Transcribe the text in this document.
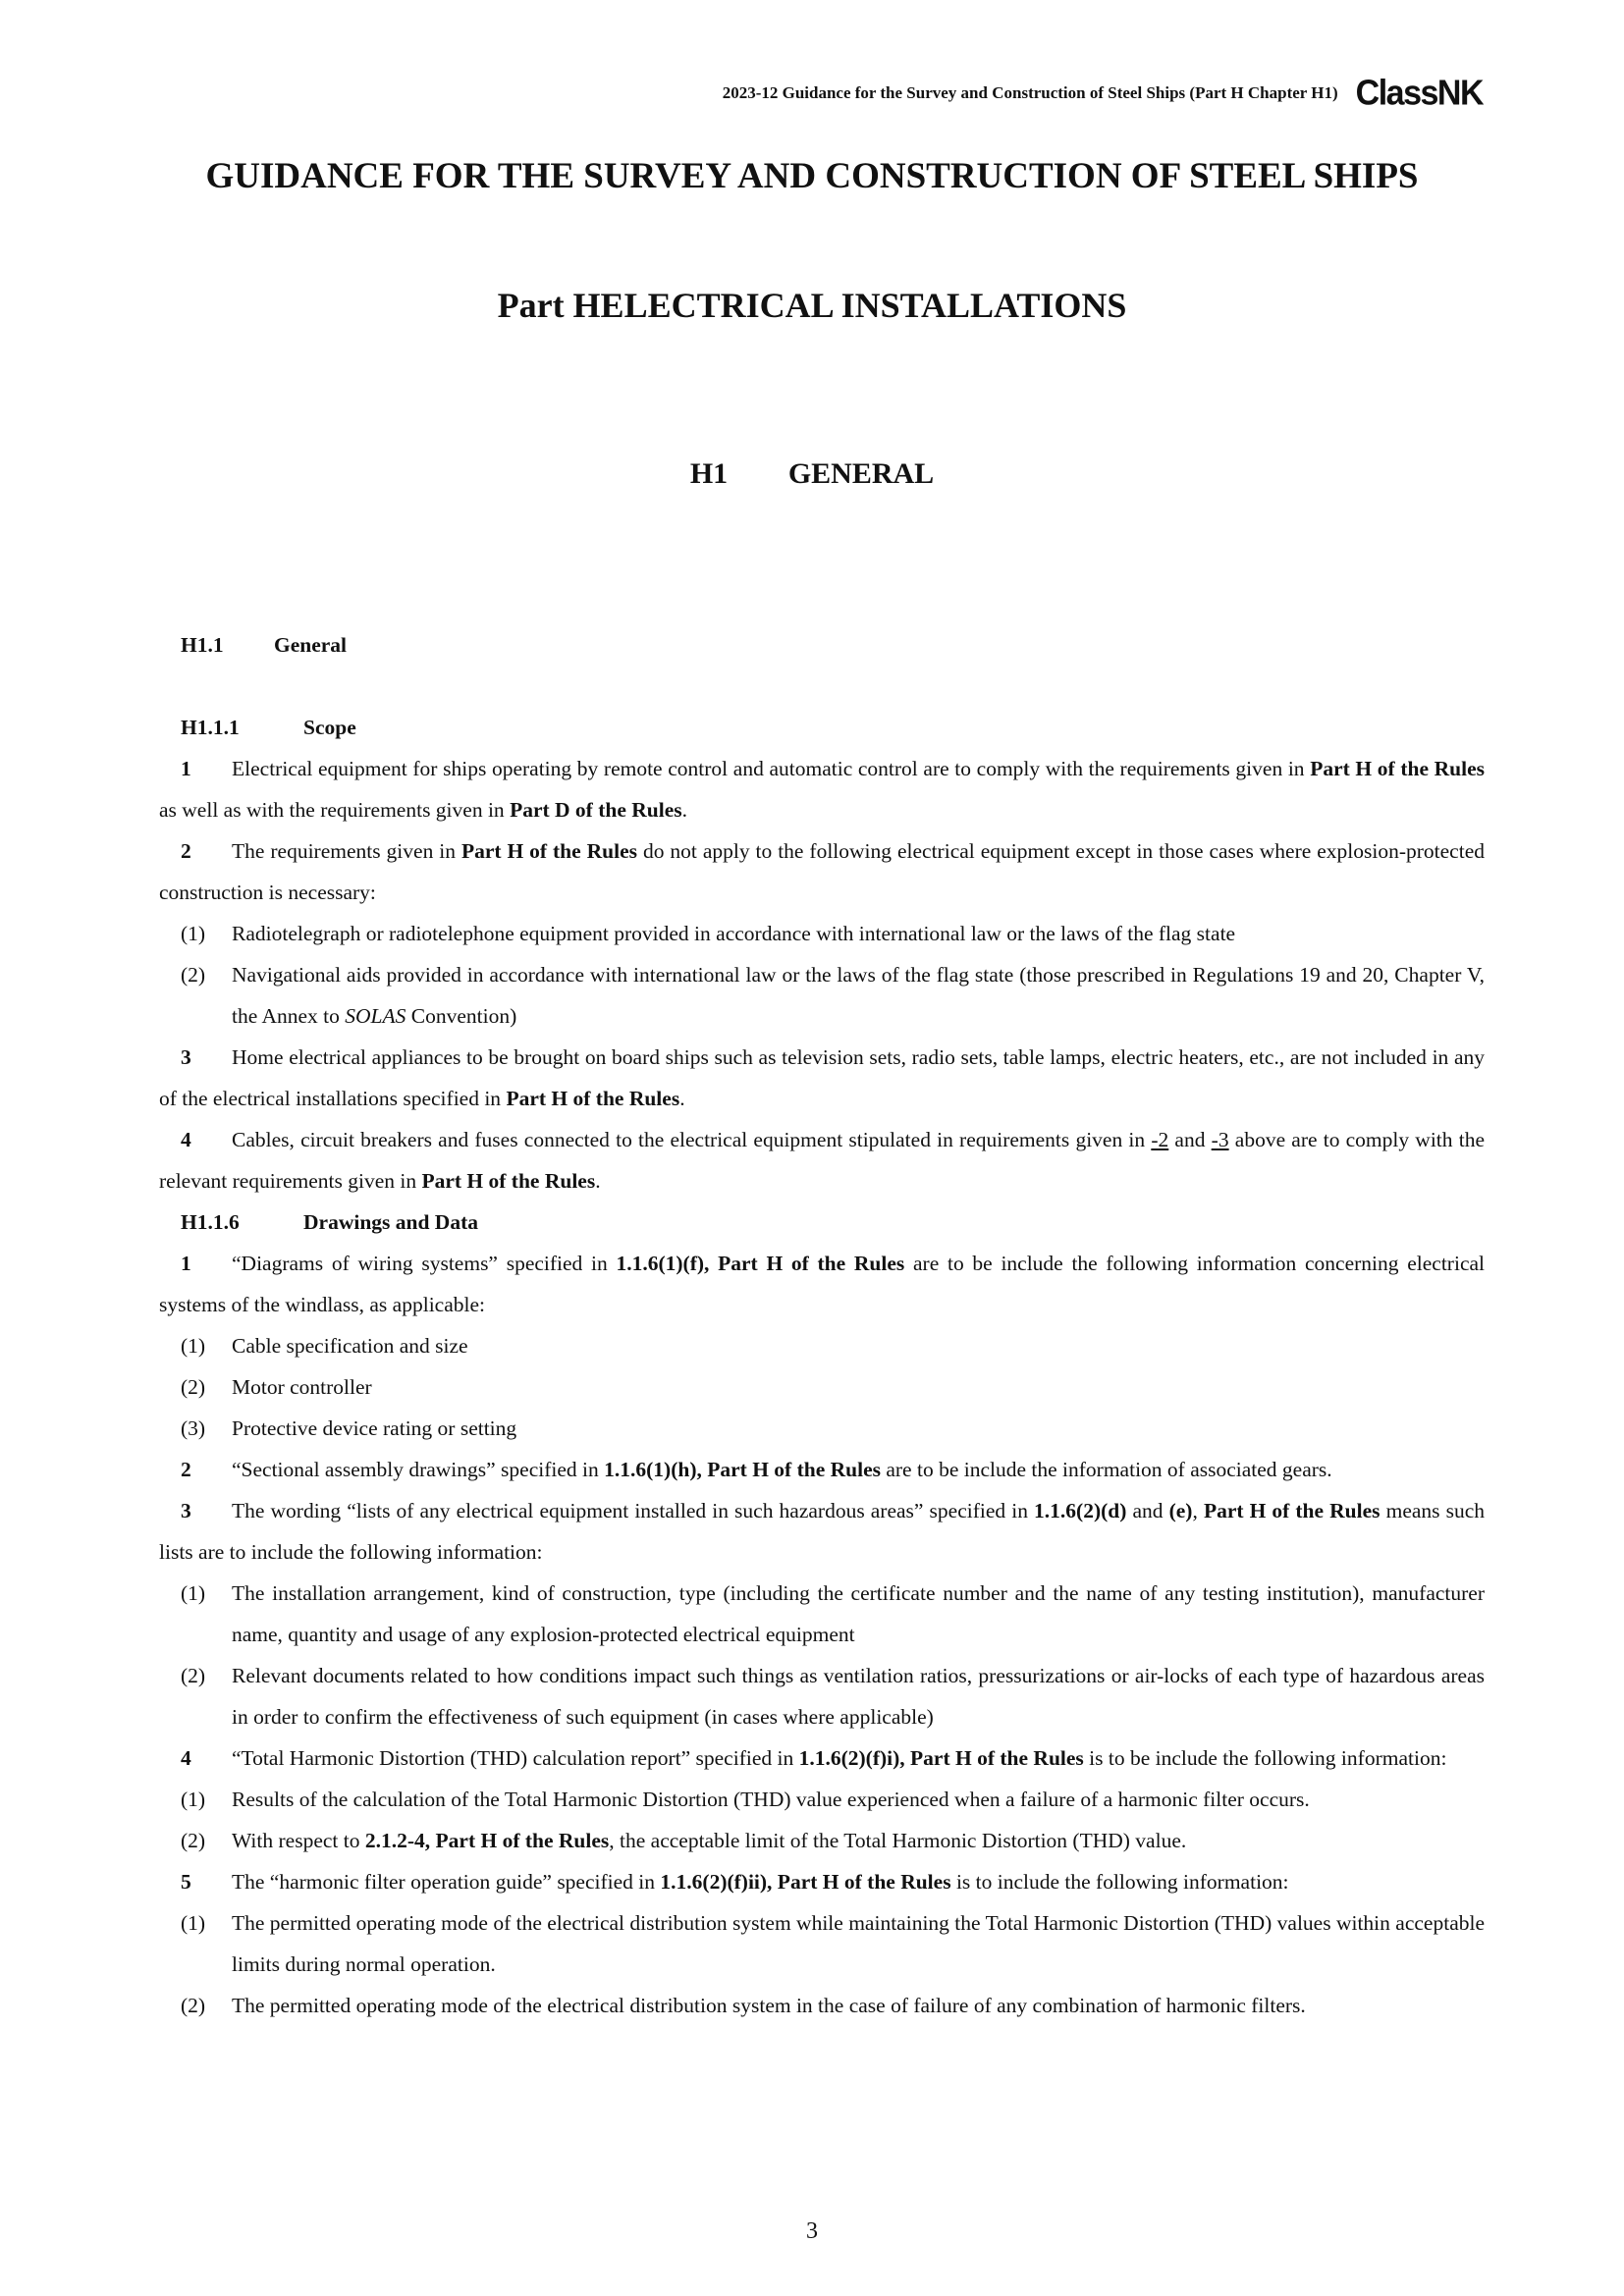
2023-12 Guidance for the Survey and Construction of Steel Ships (Part H Chapter H1) ClassNK
GUIDANCE FOR THE SURVEY AND CONSTRUCTION OF STEEL SHIPS
Part HELECTRICAL INSTALLATIONS
H1 GENERAL

H1.1 General

H1.1.1	Scope

1 Electrical equipment for ships operating by remote control and automatic control are to comply with the requirements given in Part H of the Rules as well as with the requirements given in Part D of the Rules.

2 The requirements given in Part H of the Rules do not apply to the following electrical equipment except in those cases where explosion-protected construction is necessary:

(1) Radiotelegraph or radiotelephone equipment provided in accordance with international law or the laws of the flag state

(2) Navigational aids provided in accordance with international law or the laws of the flag state (those prescribed in Regulations 19 and 20, Chapter V, the Annex to SOLAS Convention)

3 Home electrical appliances to be brought on board ships such as television sets, radio sets, table lamps, electric heaters, etc., are not included in any of the electrical installations specified in Part H of the Rules.

4 Cables, circuit breakers and fuses connected to the electrical equipment stipulated in requirements given in -2 and -3 above are to comply with the relevant requirements given in Part H of the Rules.

H1.1.6	Drawings and Data

1 “Diagrams of wiring systems” specified in 1.1.6(1)(f), Part H of the Rules are to be include the following information concerning electrical systems of the windlass, as applicable:

(1) Cable specification and size

(2) Motor controller

(3) Protective device rating or setting

2 “Sectional assembly drawings” specified in 1.1.6(1)(h), Part H of the Rules are to be include the information of associated gears.

3 The wording “lists of any electrical equipment installed in such hazardous areas” specified in 1.1.6(2)(d) and (e), Part H of the Rules means such lists are to include the following information:

(1) The installation arrangement, kind of construction, type (including the certificate number and the name of any testing institution), manufacturer name, quantity and usage of any explosion-protected electrical equipment

(2) Relevant documents related to how conditions impact such things as ventilation ratios, pressurizations or air-locks of each type of hazardous areas in order to confirm the effectiveness of such equipment (in cases where applicable)

4 “Total Harmonic Distortion (THD) calculation report” specified in 1.1.6(2)(f)i), Part H of the Rules is to be include the following information:

(1) Results of the calculation of the Total Harmonic Distortion (THD) value experienced when a failure of a harmonic filter occurs.

(2) With respect to 2.1.2-4, Part H of the Rules, the acceptable limit of the Total Harmonic Distortion (THD) value.

5 The “harmonic filter operation guide” specified in 1.1.6(2)(f)ii), Part H of the Rules is to include the following information:

(1) The permitted operating mode of the electrical distribution system while maintaining the Total Harmonic Distortion (THD) values within acceptable limits during normal operation.

(2) The permitted operating mode of the electrical distribution system in the case of failure of any combination of harmonic filters.

3
